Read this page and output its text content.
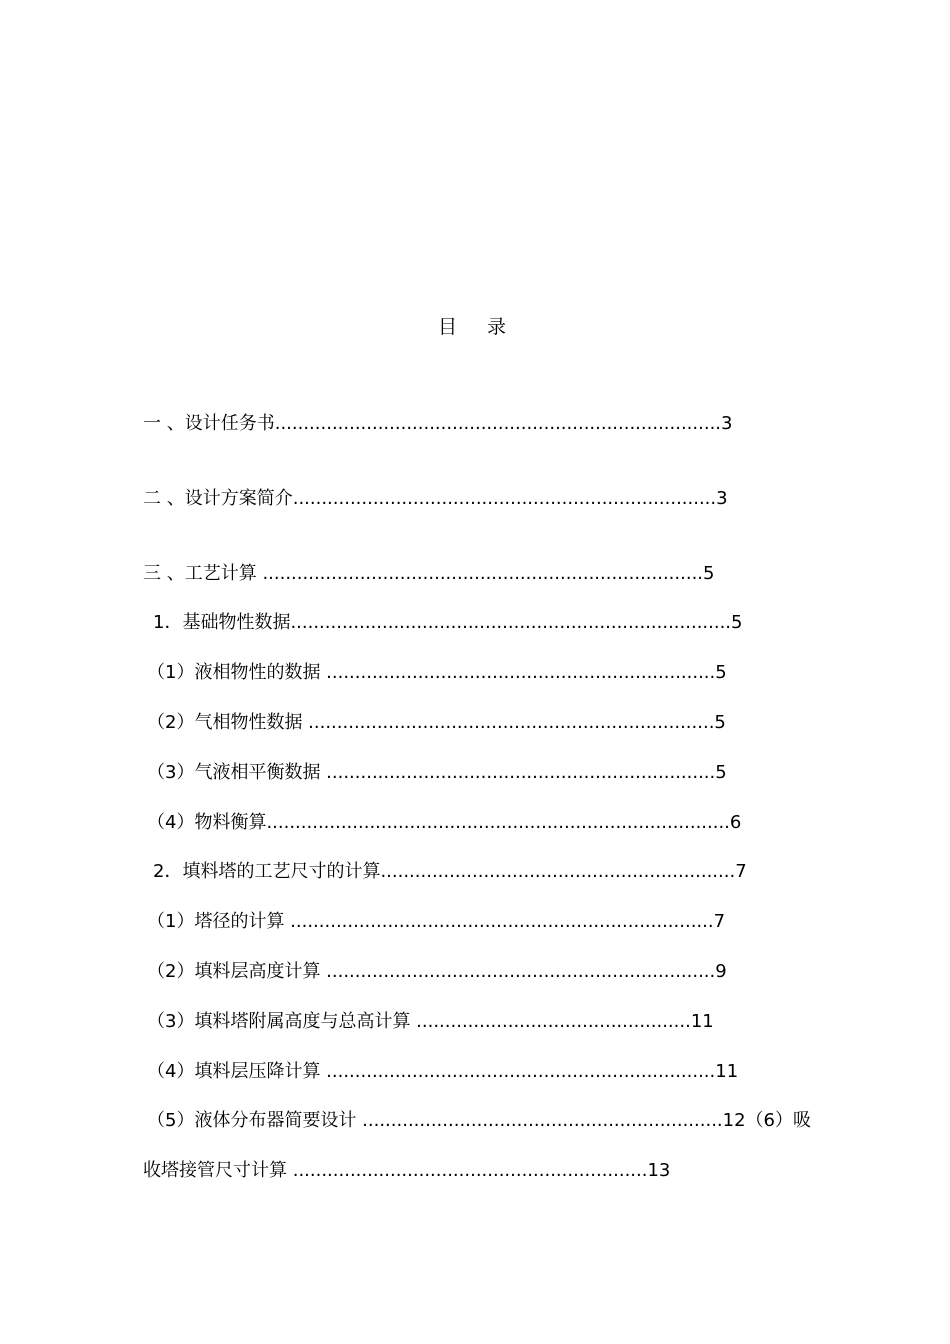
目 录
一 、设计任务书..............................................................................3
二 、设计方案简介..........................................................................3
三 、工艺计算 .............................................................................5
1．基础物性数据.............................................................................5
（1）液相物性的数据 ....................................................................5
（2）气相物性数据 .......................................................................5
（3）气液相平衡数据 ....................................................................5
（4）物料衡算.................................................................................6
2．填料塔的工艺尺寸的计算..............................................................7
（1）塔径的计算 ..........................................................................7
（2）填料层高度计算 ....................................................................9
（3）填料塔附属高度与总高计算 ................................................11
（4）填料层压降计算 ....................................................................11
（5）液体分布器简要设计 ...............................................................12（6）吸
收塔接管尺寸计算 ..............................................................13
